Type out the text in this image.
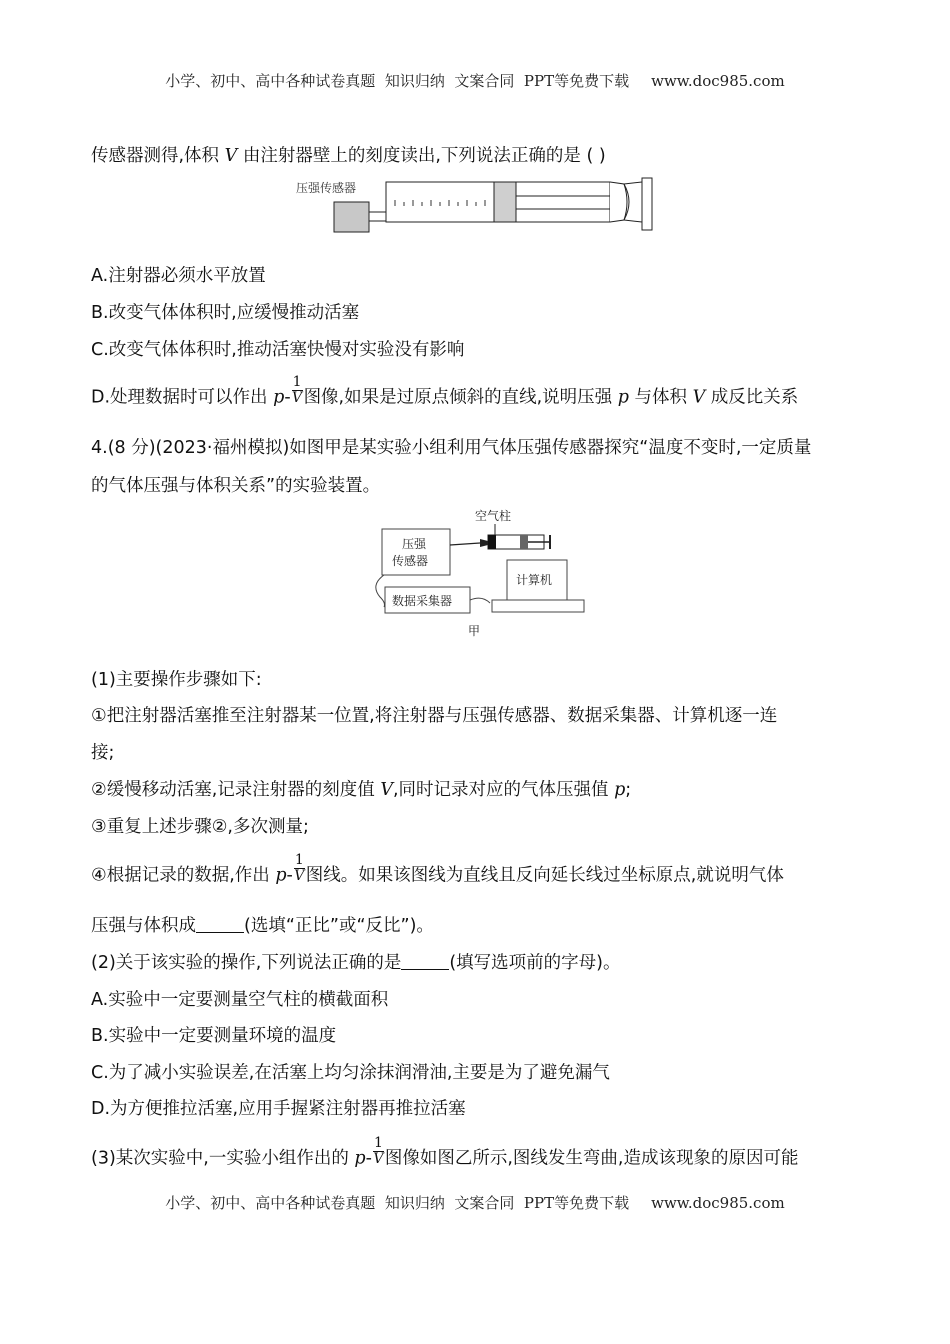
小学、初中、高中各种试卷真题  知识归纳  文案合同  PPT等免费下载 www.doc985.com
传感器测得,体积 V 由注射器壁上的刻度读出,下列说法正确的是 ( )
压强传感器
A.注射器必须水平放置
B.改变气体体积时,应缓慢推动活塞
C.改变气体体积时,推动活塞快慢对实验没有影响
D.处理数据时可以作出 $p- \frac{1}{V}$ 图像,如果是过原点倾斜的直线,说明压强 p 与体积 V 成反比关系
4.(8 分)(2023·福州模拟)如图甲是某实验小组利用气体压强传感器探究“温度不变时,一定质量
的气体压强与体积关系”的实验装置。
空气柱
压强
传感器
数据采集器
计算机
甲
(1)主要操作步骤如下:
①把注射器活塞推至注射器某一位置,将注射器与压强传感器、数据采集器、计算机逐一连
接;
②缓慢移动活塞,记录注射器的刻度值 V,同时记录对应的气体压强值 p;
③重复上述步骤②,多次测量;
④根据记录的数据,作出 $p- \frac{1}{V}$ 图线。如果该图线为直线且反向延长线过坐标原点,就说明气体
压强与体积成	(选填“正比”或“反比”)。
(2)关于该实验的操作,下列说法正确的是	(填写选项前的字母)。
A.实验中一定要测量空气柱的横截面积
B.实验中一定要测量环境的温度
C.为了减小实验误差,在活塞上均匀涂抹润滑油,主要是为了避免漏气
D.为方便推拉活塞,应用手握紧注射器再推拉活塞
(3)某次实验中,一实验小组作出的 $p- \frac{1}{V}$ 图像如图乙所示,图线发生弯曲,造成该现象的原因可能
小学、初中、高中各种试卷真题  知识归纳  文案合同  PPT等免费下载 www.doc985.com
